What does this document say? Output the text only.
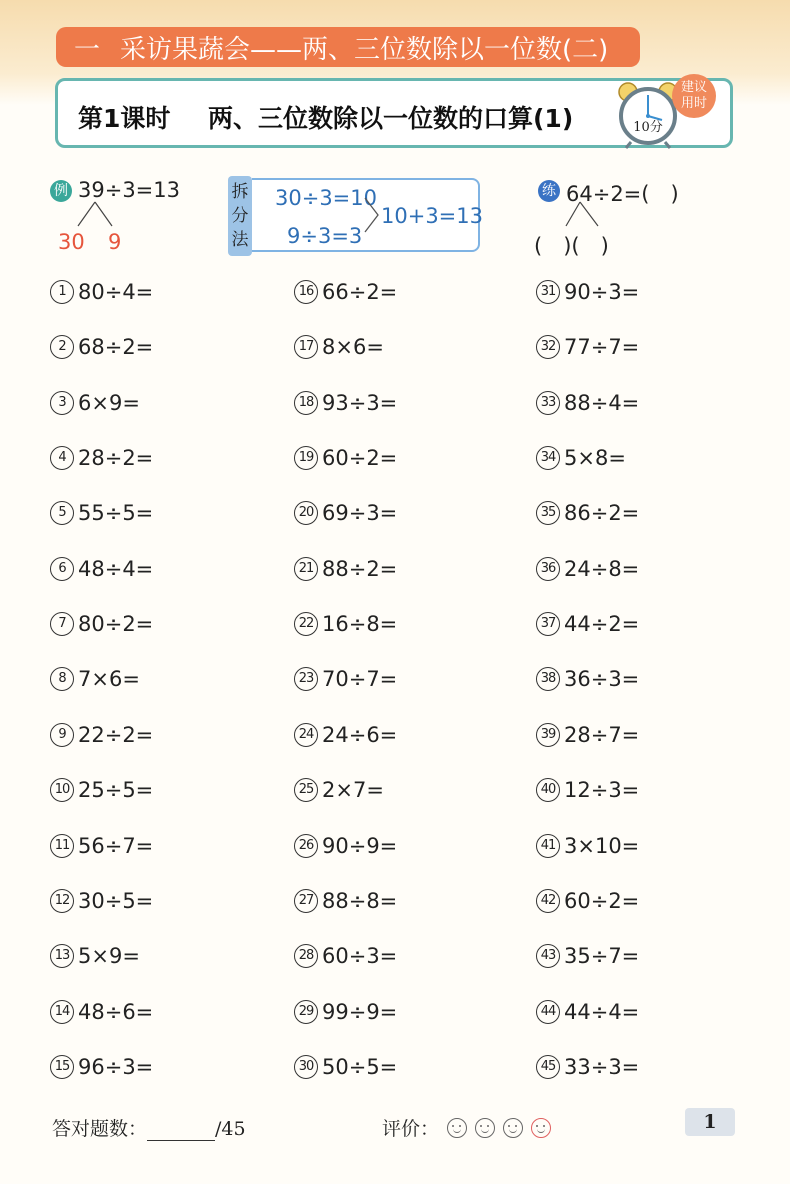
一 采访果蔬会——两、三位数除以一位数(二)
第1课时 两、三位数除以一位数的口算(1)	10分
建议
用时
例 39÷3=13
30 9
拆
分
法
30÷3=10
9÷3=3
10+3=13
练 64÷2=(　)
(　)(　)
1 80÷4=
2 68÷2=
3 6×9=
4 28÷2=
5 55÷5=
6 48÷4=
7 80÷2=
8 7×6=
9 22÷2=
10 25÷5=
11 56÷7=
12 30÷5=
13 5×9=
14 48÷6=
15 96÷3=
16 66÷2=
17 8×6=
18 93÷3=
19 60÷2=
20 69÷3=
21 88÷2=
22 16÷8=
23 70÷7=
24 24÷6=
25 2×7=
26 90÷9=
27 88÷8=
28 60÷3=
29 99÷9=
30 50÷5=
31 90÷3=
32 77÷7=
33 88÷4=
34 5×8=
35 86÷2=
36 24÷8=
37 44÷2=
38 36÷3=
39 28÷7=
40 12÷3=
41 3×10=
42 60÷2=
43 35÷7=
44 44÷4=
45 33÷3=
答对题数：	/45	评价：	1
